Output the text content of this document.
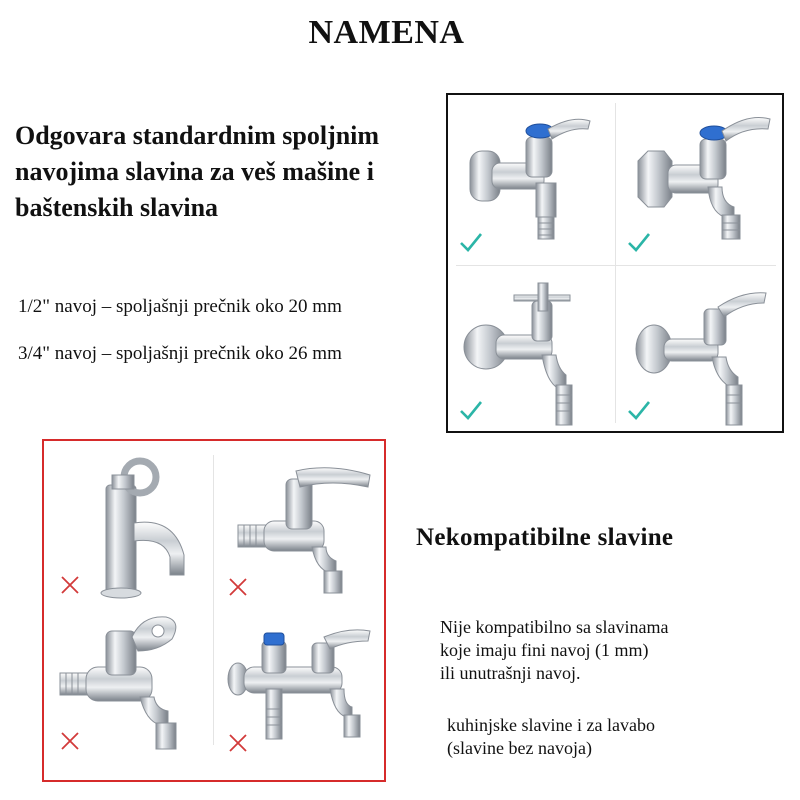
NAMENA
Odgovara standardnim spoljnim navojima slavina za veš mašine i baštenskih slavina
1/2" navoj – spoljašnji prečnik oko 20 mm
3/4" navoj – spoljašnji prečnik oko 26 mm
Nekompatibilne slavine
Nije kompatibilno sa slavinama
koje imaju fini navoj (1 mm)
ili unutrašnji navoj.
kuhinjske slavine i za lavabo
(slavine bez navoja)
